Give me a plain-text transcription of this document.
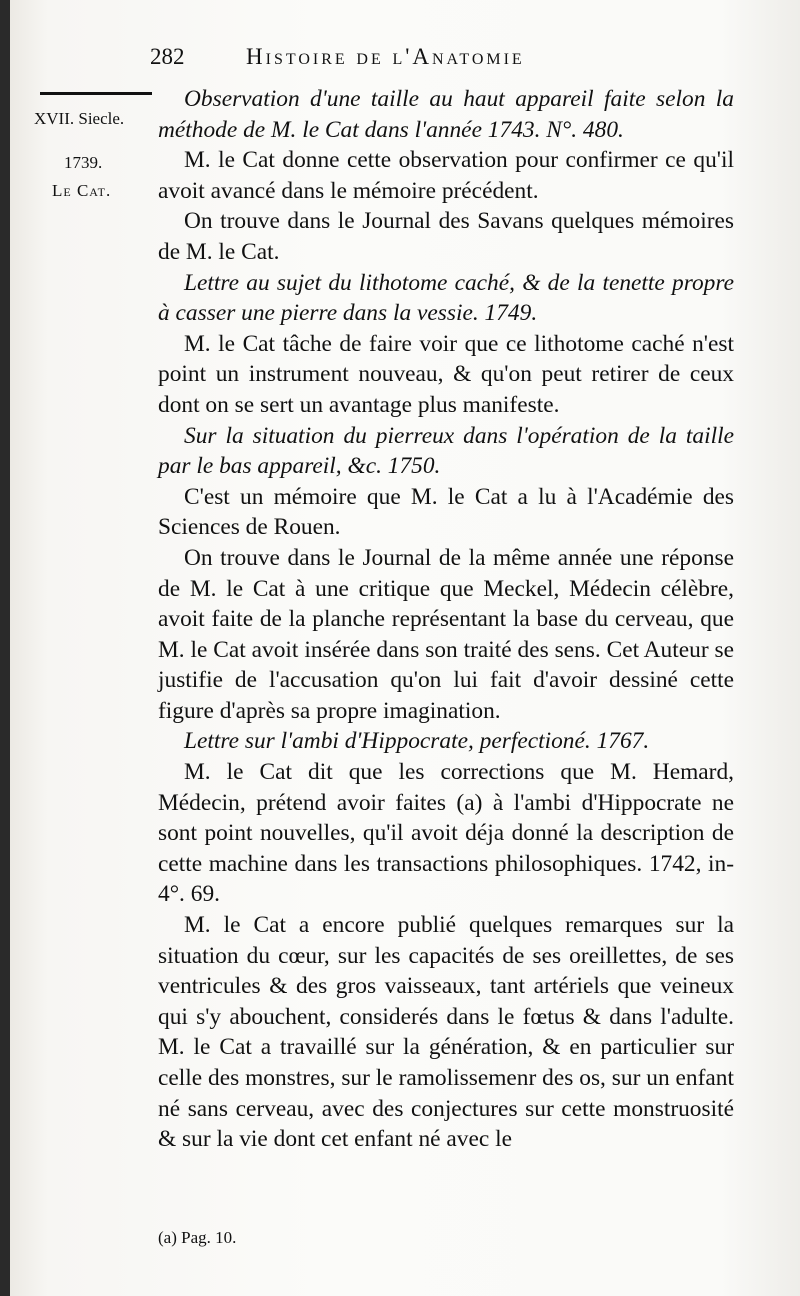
282	Histoire de l'Anatomie
XVII. Siecle.
1739.
Le Cat.

Observation d'une taille au haut appareil faite selon la méthode de M. le Cat dans l'année 1743. N°. 480.

M. le Cat donne cette observation pour confirmer ce qu'il avoit avancé dans le mémoire précédent.

On trouve dans le Journal des Savans quelques mémoires de M. le Cat.

Lettre au sujet du lithotome caché, & de la tenette propre à casser une pierre dans la vessie. 1749.

M. le Cat tâche de faire voir que ce lithotome caché n'est point un instrument nouveau, & qu'on peut retirer de ceux dont on se sert un avantage plus manifeste.

Sur la situation du pierreux dans l'opération de la taille par le bas appareil, &c. 1750.

C'est un mémoire que M. le Cat a lu à l'Académie des Sciences de Rouen.

On trouve dans le Journal de la même année une réponse de M. le Cat à une critique que Meckel, Médecin célèbre, avoit faite de la planche représentant la base du cerveau, que M. le Cat avoit insérée dans son traité des sens. Cet Auteur se justifie de l'accusation qu'on lui fait d'avoir dessiné cette figure d'après sa propre imagination.

Lettre sur l'ambi d'Hippocrate, perfectioné. 1767.

M. le Cat dit que les corrections que M. Hemard, Médecin, prétend avoir faites (a) à l'ambi d'Hippocrate ne sont point nouvelles, qu'il avoit déja donné la description de cette machine dans les transactions philosophiques. 1742, in-4°. 69.

M. le Cat a encore publié quelques remarques sur la situation du cœur, sur les capacités de ses oreillettes, de ses ventricules & des gros vaisseaux, tant artériels que veineux qui s'y abouchent, considerés dans le fœtus & dans l'adulte. M. le Cat a travaillé sur la génération, & en particulier sur celle des monstres, sur le ramolissemenr des os, sur un enfant né sans cerveau, avec des conjectures sur cette monstruosité & sur la vie dont cet enfant né avec le

(a) Pag. 10.
